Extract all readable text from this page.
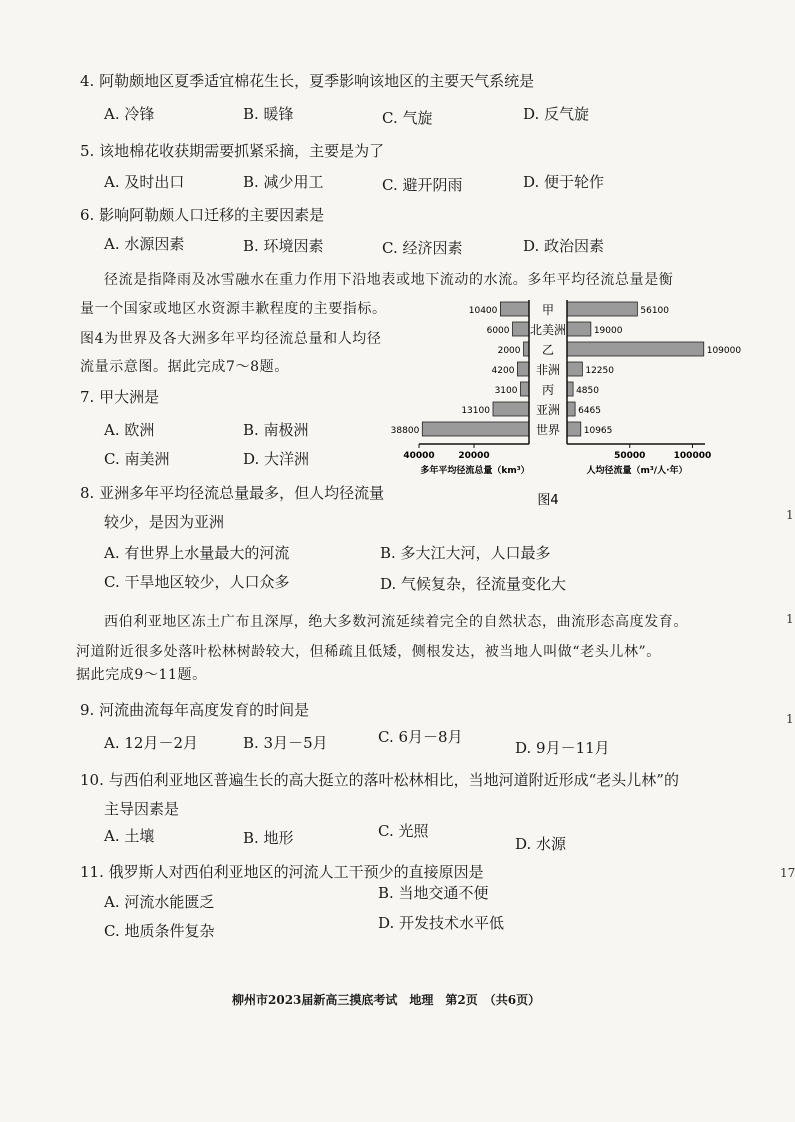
4. 阿勒颇地区夏季适宜棉花生长，夏季影响该地区的主要天气系统是
A. 冷锋	B. 暖锋	C. 气旋	D. 反气旋
5. 该地棉花收获期需要抓紧采摘，主要是为了
A. 及时出口	B. 减少用工	C. 避开阴雨	D. 便于轮作
6. 影响阿勒颇人口迁移的主要因素是
A. 水源因素	B. 环境因素	C. 经济因素	D. 政治因素
径流是指降雨及冰雪融水在重力作用下沿地表或地下流动的水流。多年平均径流总量是衡
量一个国家或地区水资源丰歉程度的主要指标。
图4为世界及各大洲多年平均径流总量和人均径
流量示意图。据此完成7～8题。
7. 甲大洲是
A. 欧洲	B. 南极洲
C. 南美洲	D. 大洋洲
10400
6000
2000
4200
3100
13100
38800
56100
19000
109000
12250
4850
6465
10965
甲
北美洲
乙
非洲
丙
亚洲
世界
40000	20000	50000	100000
多年平均径流总量（km³）	人均径流量（m³/人·年）
图4
8. 亚洲多年平均径流总量最多，但人均径流量
较少，是因为亚洲
A. 有世界上水量最大的河流	B. 多大江大河，人口最多
C. 干旱地区较少，人口众多	D. 气候复杂，径流量变化大
西伯利亚地区冻土广布且深厚，绝大多数河流延续着完全的自然状态，曲流形态高度发育。
河道附近很多处落叶松林树龄较大，但稀疏且低矮，侧根发达，被当地人叫做“老头儿林”。
据此完成9～11题。
9. 河流曲流每年高度发育的时间是
A. 12月－2月	B. 3月－5月	C. 6月－8月
D. 9月－11月
10. 与西伯利亚地区普遍生长的高大挺立的落叶松林相比，当地河道附近形成“老头儿林”的
主导因素是
A. 土壤	B. 地形	C. 光照
D. 水源
11. 俄罗斯人对西伯利亚地区的河流人工干预少的直接原因是
A. 河流水能匮乏	B. 当地交通不便
C. 地质条件复杂	D. 开发技术水平低
柳州市2023届新高三摸底考试　地理　第2页　（共6页）
1
1
1
17
